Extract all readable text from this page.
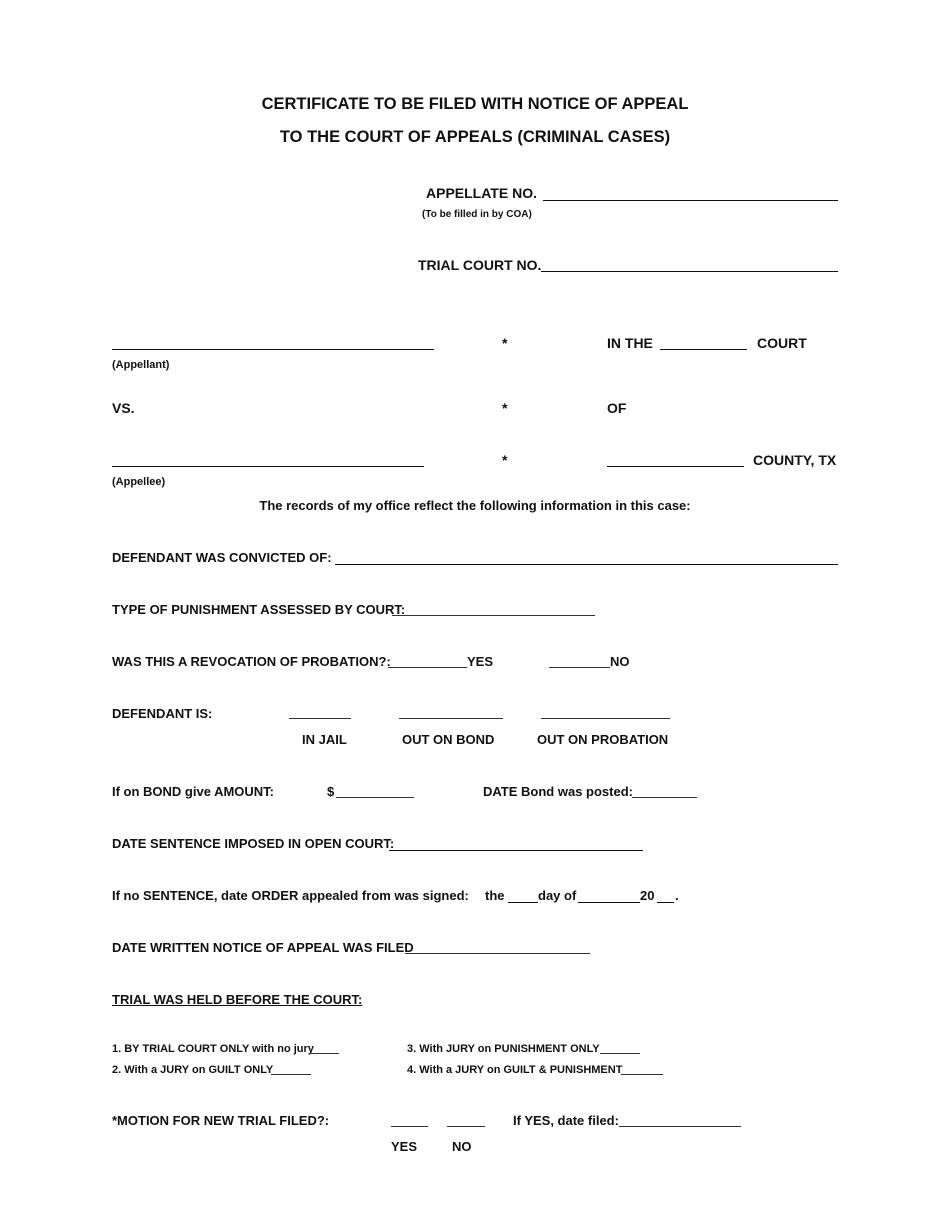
CERTIFICATE TO BE FILED WITH NOTICE OF APPEAL
TO THE COURT OF APPEALS (CRIMINAL CASES)
APPELLATE NO.
(To be filled in by COA)
TRIAL COURT NO.
(Appellant)
*	IN THE	COURT
VS.	*	OF
(Appellee)
*	COUNTY, TX
The records of my office reflect the following information in this case:
DEFENDANT WAS CONVICTED OF:
TYPE OF PUNISHMENT ASSESSED BY COURT:
WAS THIS A REVOCATION OF PROBATION?:	YES	NO
DEFENDANT IS:
IN JAIL	OUT ON BOND	OUT ON PROBATION
If on BOND give AMOUNT:	$	DATE Bond was posted:
DATE SENTENCE IMPOSED IN OPEN COURT:
If no SENTENCE, date ORDER appealed from was signed: the	day of	20 .
DATE WRITTEN NOTICE OF APPEAL WAS FILED
TRIAL WAS HELD BEFORE THE COURT:
1. BY TRIAL COURT ONLY with no jury
2. With a JURY on GUILT ONLY
3. With JURY on PUNISHMENT ONLY
4. With a JURY on GUILT & PUNISHMENT
*MOTION FOR NEW TRIAL FILED?:	If YES, date filed:
YES	NO
